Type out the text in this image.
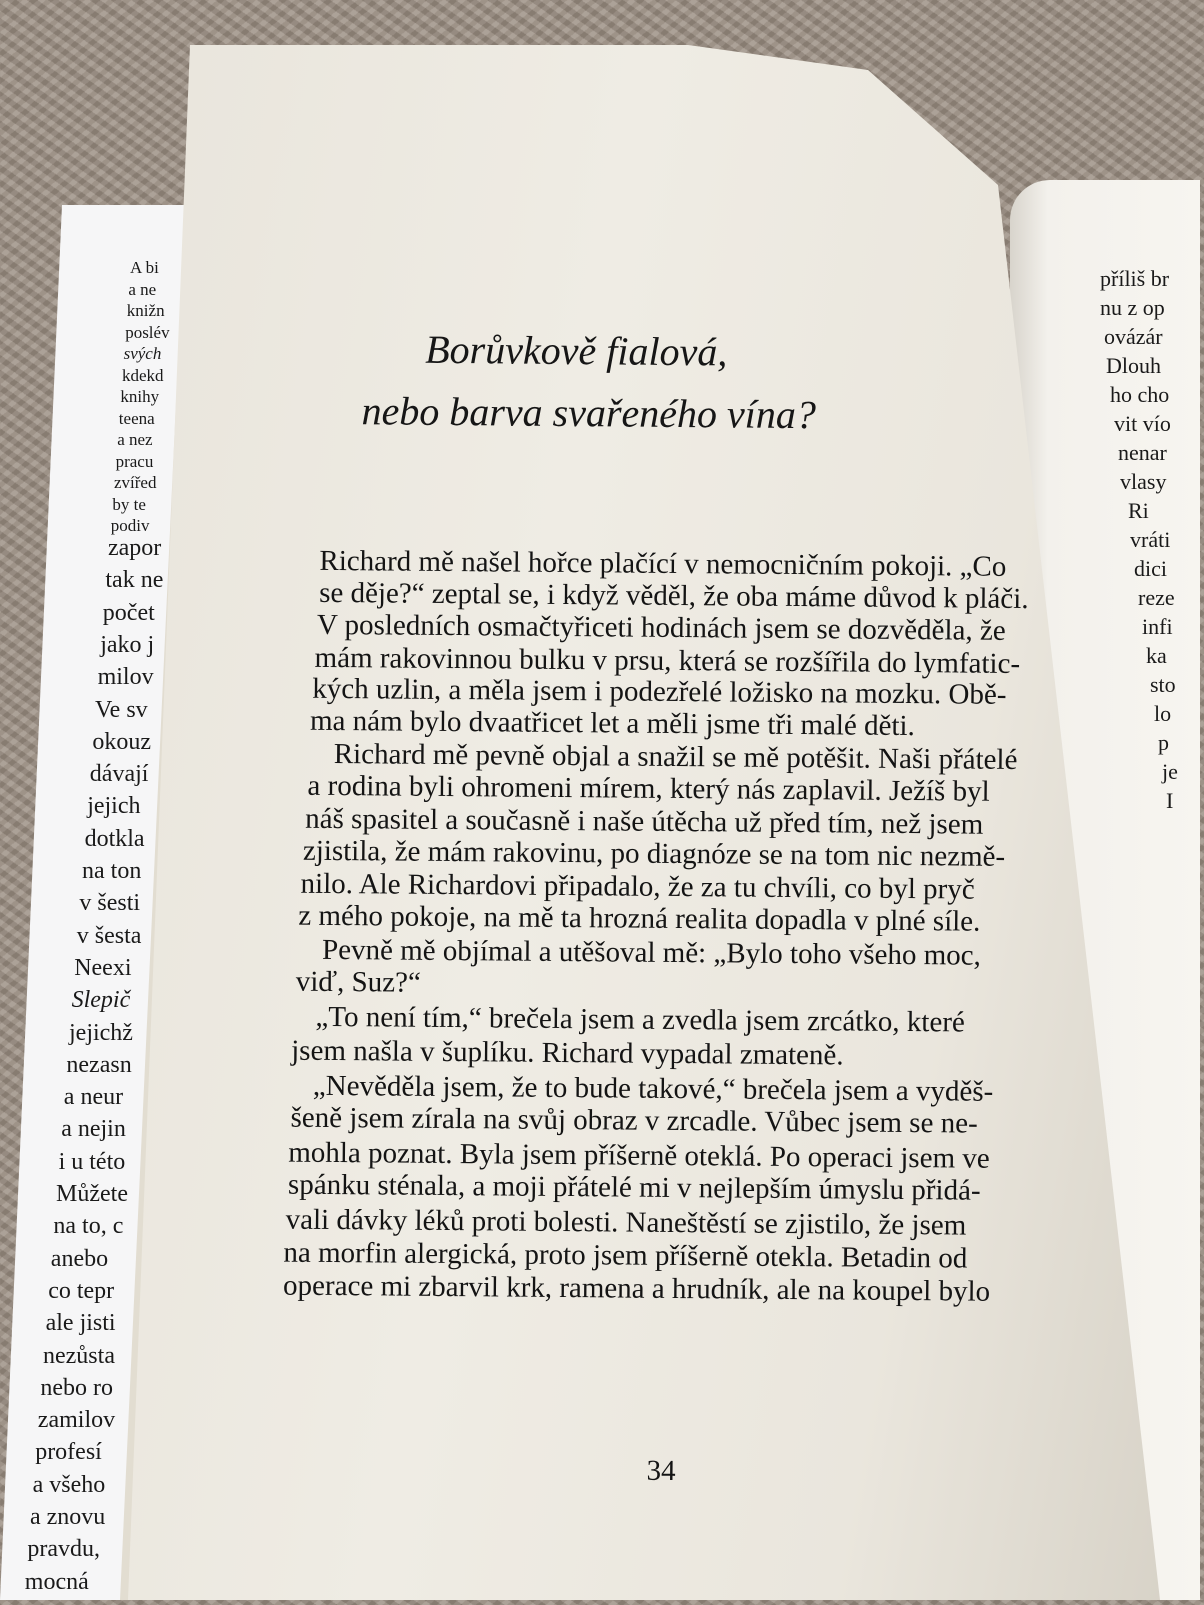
A bi
a ne
knižn
poslév
svých
kdekd
knihy
teena
a nez
pracu
zvířed
by te
podiv
zapor
tak ne
počet
jako j
milov
Ve sv
okouz
dávají
jejich
dotkla
na ton
v šesti
v šesta
Neexi
Slepič
jejichž
nezasn
a neur
a nejin
i u této
Můžete
na to, c
anebo
co tepr
ale jisti
nezůsta
nebo ro
zamilov
profesí
a všeho
a znovu
pravdu,
mocná
příliš br
nu z op
ovázár
Dlouh
ho cho
vit vío
nenar
vlasy
Ri
vráti
dici
reze
infi
ka
sto
lo
p
je
I
Borůvkově fialová,
nebo barva svařeného vína?
Richard mě našel hořce plačící v nemocničním pokoji. „Co
se děje?“ zeptal se, i když věděl, že oba máme důvod k pláči.
V posledních osmačtyřiceti hodinách jsem se dozvěděla, že
mám rakovinnou bulku v prsu, která se rozšířila do lymfatic-
kých uzlin, a měla jsem i podezřelé ložisko na mozku. Obě-
ma nám bylo dvaatřicet let a měli jsme tři malé děti.
Richard mě pevně objal a snažil se mě potěšit. Naši přátelé
a rodina byli ohromeni mírem, který nás zaplavil. Ježíš byl
náš spasitel a současně i naše útěcha už před tím, než jsem
zjistila, že mám rakovinu, po diagnóze se na tom nic nezmě-
nilo. Ale Richardovi připadalo, že za tu chvíli, co byl pryč
z mého pokoje, na mě ta hrozná realita dopadla v plné síle.
Pevně mě objímal a utěšoval mě: „Bylo toho všeho moc,
viď, Suz?“
„To není tím,“ brečela jsem a zvedla jsem zrcátko, které
jsem našla v šuplíku. Richard vypadal zmateně.
„Nevěděla jsem, že to bude takové,“ brečela jsem a vyděš-
šeně jsem zírala na svůj obraz v zrcadle. Vůbec jsem se ne-
mohla poznat. Byla jsem příšerně oteklá. Po operaci jsem ve
spánku sténala, a moji přátelé mi v nejlepším úmyslu přidá-
vali dávky léků proti bolesti. Naneštěstí se zjistilo, že jsem
na morfin alergická, proto jsem příšerně otekla. Betadin od
operace mi zbarvil krk, ramena a hrudník, ale na koupel bylo
34
